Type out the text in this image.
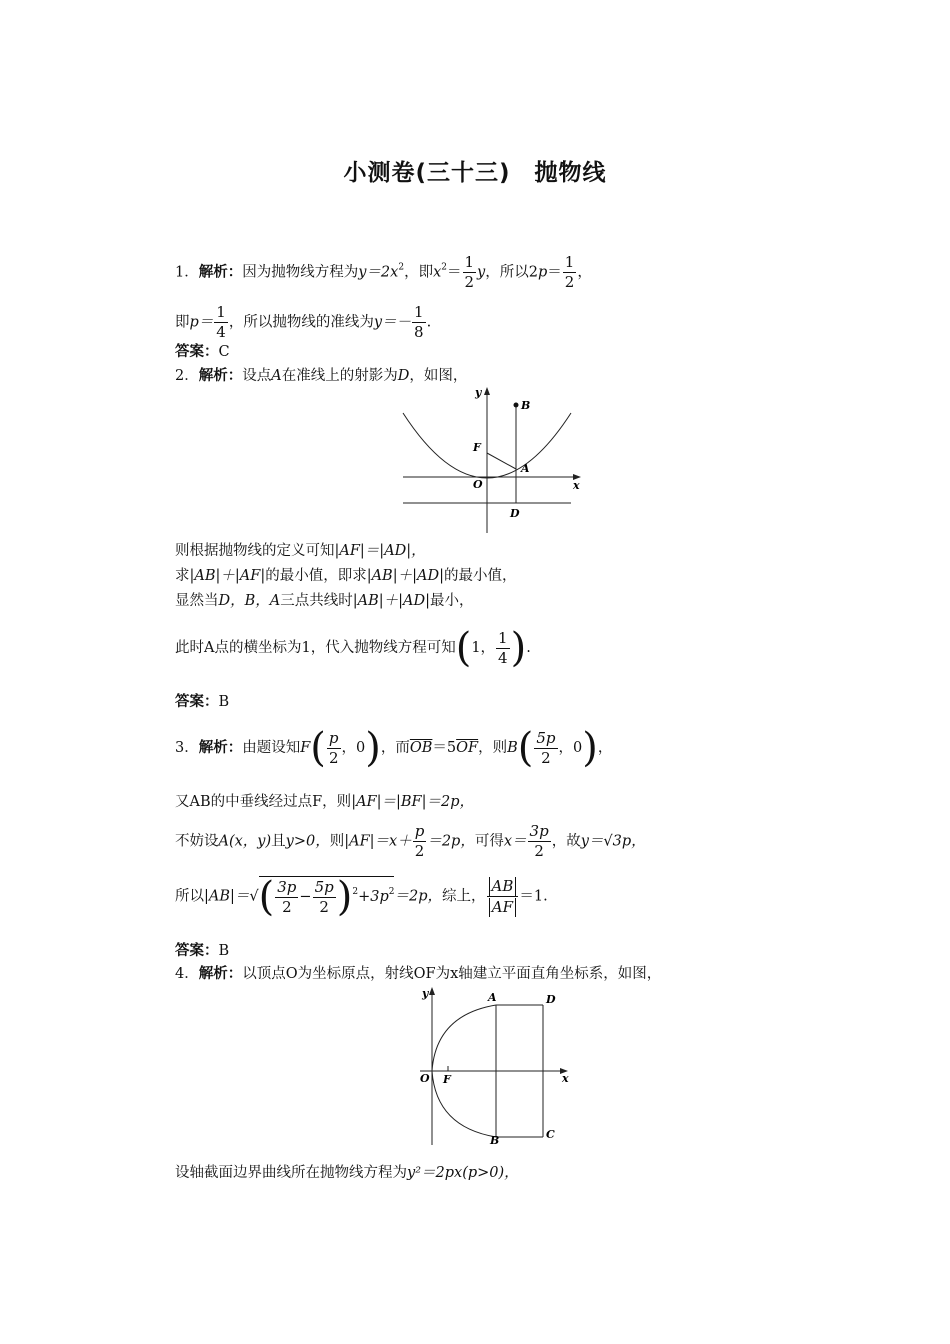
小测卷(三十三)　抛物线
1．解析：因为抛物线方程为$y=2x^2$，即$x^2= \frac{1}{2}$ y，所以$2p= \frac{1}{2}$ ，
即$p= \frac{1}{4}$ ，所以抛物线的准线为$y=- \frac{1}{8}$ .
答案：C
2．解析：设点A在准线上的射影为D，如图，
y
B
F
A
O	x
D
则根据抛物线的定义可知|AF|＝|AD|，
求|AB|＋|AF|的最小值，即求|AB|＋|AD|的最小值，
显然当D，B，A三点共线时|AB|＋|AD|最小，
此时A点的横坐标为1，代入抛物线方程可知(1， $\frac{1}{4}$ ).
答案：B
3．解析：由题设知$F( \frac{p}{2}$ ，0)，而$\overline{OB}=5\overline{OF}$，则$B( \frac{5p}{2}$ ，0)，
又AB的中垂线经过点F，则|AF|＝|BF|＝2p，
不妨设A(x，y)且y>0，则$|AF|=x+ \frac{p}{2} =2p$，可得$x= \frac{3p}{2}$ ，故y＝√3p，
所以$|AB|=√( \frac{3p}{2} - \frac{5p}{2} )^2+3p^2=2p$，综上， $\frac{AB}{AF} =1$.
答案：B
4．解析：以顶点O为坐标原点，射线OF为x轴建立平面直角坐标系，如图，
y	A	D
O F	x
B	C
设轴截面边界曲线所在抛物线方程为y²＝2px(p>0)，
